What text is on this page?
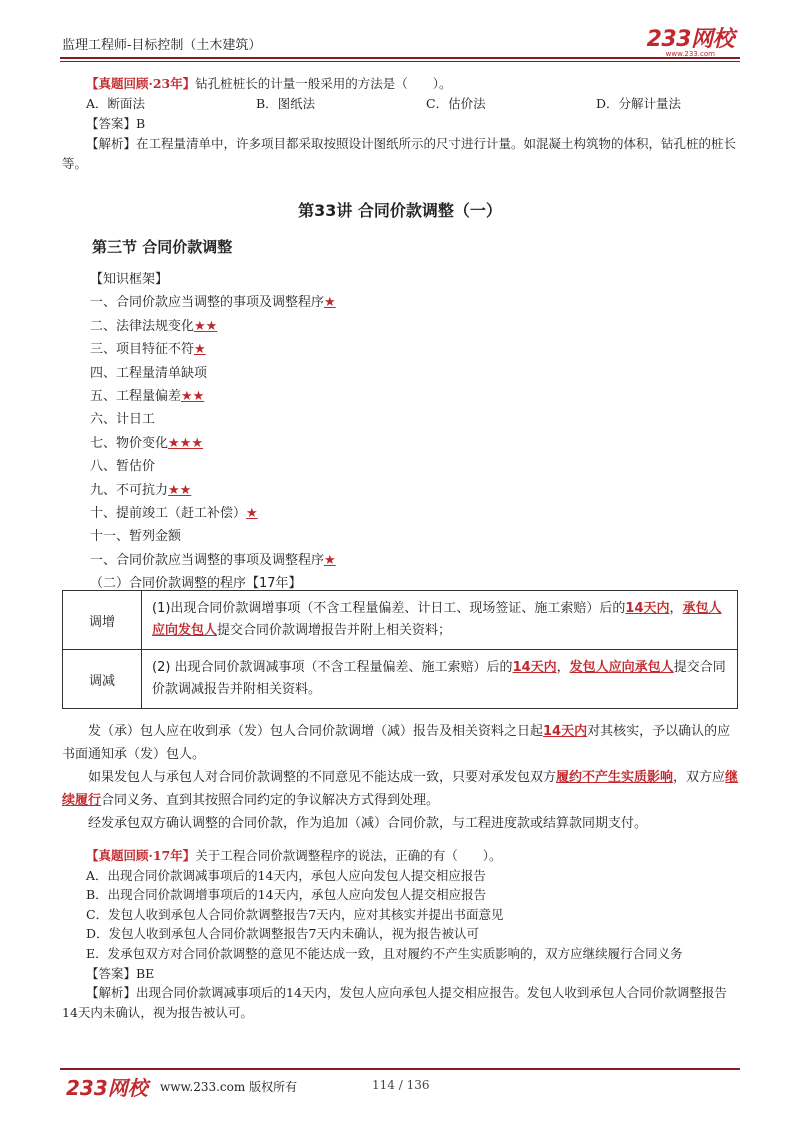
监理工程师-目标控制（土木建筑）	233网校
www.233.com
【真题回顾·23年】钻孔桩桩长的计量一般采用的方法是（　　）。
A．断面法	B．图纸法	C．估价法	D．分解计量法
【答案】B
【解析】在工程量清单中，许多项目都采取按照设计图纸所示的尺寸进行计量。如混凝土构筑物的体积，钻孔桩的桩长等。
第33讲 合同价款调整（一）
第三节 合同价款调整
【知识框架】
一、合同价款应当调整的事项及调整程序★
二、法律法规变化★★
三、项目特征不符★
四、工程量清单缺项
五、工程量偏差★★
六、计日工
七、物价变化★★★
八、暂估价
九、不可抗力★★
十、提前竣工（赶工补偿）★
十一、暂列金额
一、合同价款应当调整的事项及调整程序★
（二）合同价款调整的程序【17年】
调增	(1)出现合同价款调增事项（不含工程量偏差、计日工、现场签证、施工索赔）后的14天内，承包人应向发包人提交合同价款调增报告并附上相关资料；
调减	(2) 出现合同价款调减事项（不含工程量偏差、施工索赔）后的14天内，发包人应向承包人提交合同价款调减报告并附相关资料。
发（承）包人应在收到承（发）包人合同价款调增（减）报告及相关资料之日起14天内对其核实，予以确认的应书面通知承（发）包人。
如果发包人与承包人对合同价款调整的不同意见不能达成一致，只要对承发包双方履约不产生实质影响，双方应继续履行合同义务、直到其按照合同约定的争议解决方式得到处理。
经发承包双方确认调整的合同价款，作为追加（减）合同价款，与工程进度款或结算款同期支付。
【真题回顾·17年】关于工程合同价款调整程序的说法，正确的有（　　）。
A．出现合同价款调减事项后的14天内，承包人应向发包人提交相应报告
B．出现合同价款调增事项后的14天内，承包人应向发包人提交相应报告
C．发包人收到承包人合同价款调整报告7天内，应对其核实并提出书面意见
D．发包人收到承包人合同价款调整报告7天内未确认，视为报告被认可
E．发承包双方对合同价款调整的意见不能达成一致，且对履约不产生实质影响的，双方应继续履行合同义务
【答案】BE
【解析】出现合同价款调减事项后的14天内，发包人应向承包人提交相应报告。发包人收到承包人合同价款调整报告14天内未确认，视为报告被认可。
233网校 www.233.com 版权所有	114 / 136
